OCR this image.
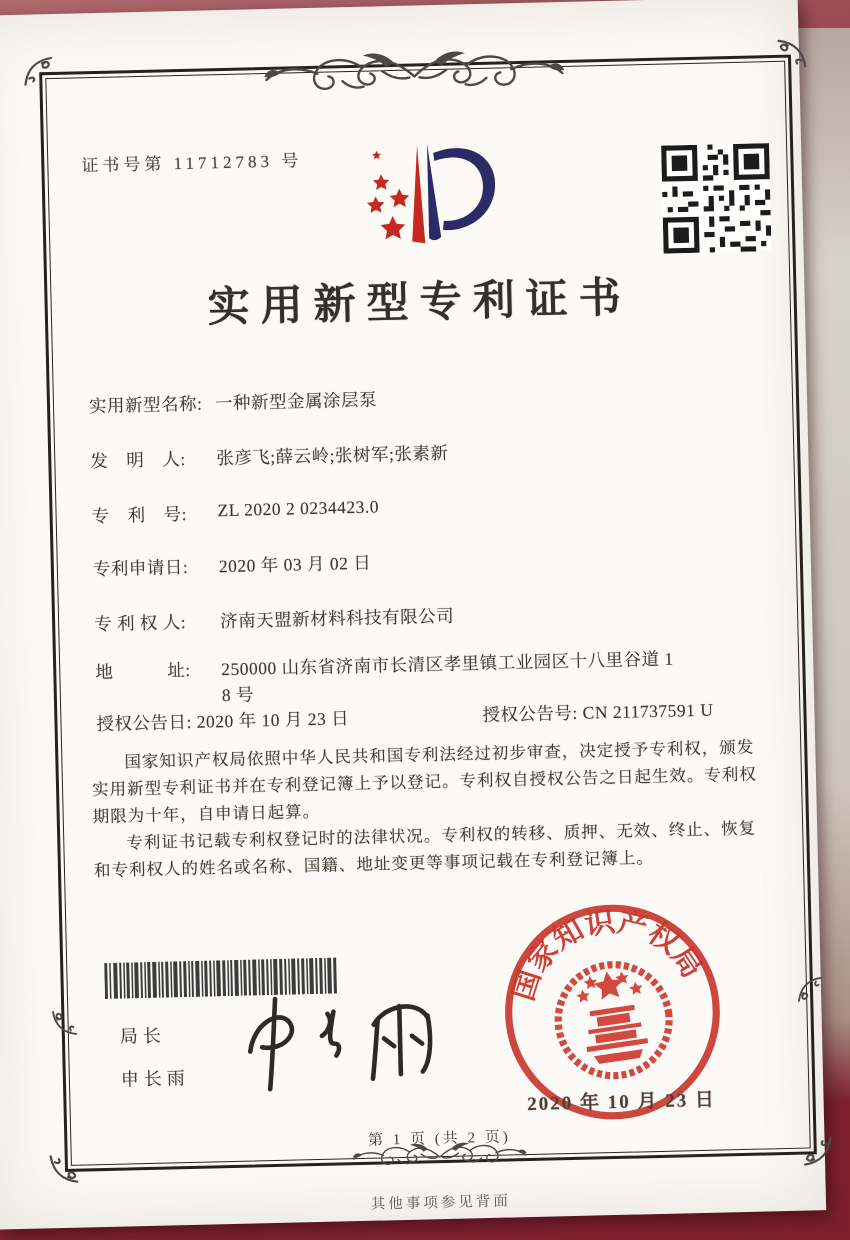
证书号第 11712783 号
实用新型专利证书
实用新型名称: 一种新型金属涂层泵
发　明　人: 张彦飞;薛云岭;张树军;张素新
专　利　号: ZL 2020 2 0234423.0
专利申请日: 2020 年 03 月 02 日
专 利 权 人: 济南天盟新材料科技有限公司
地　　　址: 250000 山东省济南市长清区孝里镇工业园区十八里谷道 1
8 号
授权公告日: 2020 年 10 月 23 日	授权公告号: CN 211737591 U

国家知识产权局依照中华人民共和国专利法经过初步审查，决定授予专利权，颁发实用新型专利证书并在专利登记簿上予以登记。专利权自授权公告之日起生效。专利权期限为十年，自申请日起算。

专利证书记载专利权登记时的法律状况。专利权的转移、质押、无效、终止、恢复和专利权人的姓名或名称、国籍、地址变更等事项记载在专利登记簿上。

局长
申长雨
国家知识产权局
2020 年 10 月 23 日
第 1 页 (共 2 页)
其他事项参见背面
